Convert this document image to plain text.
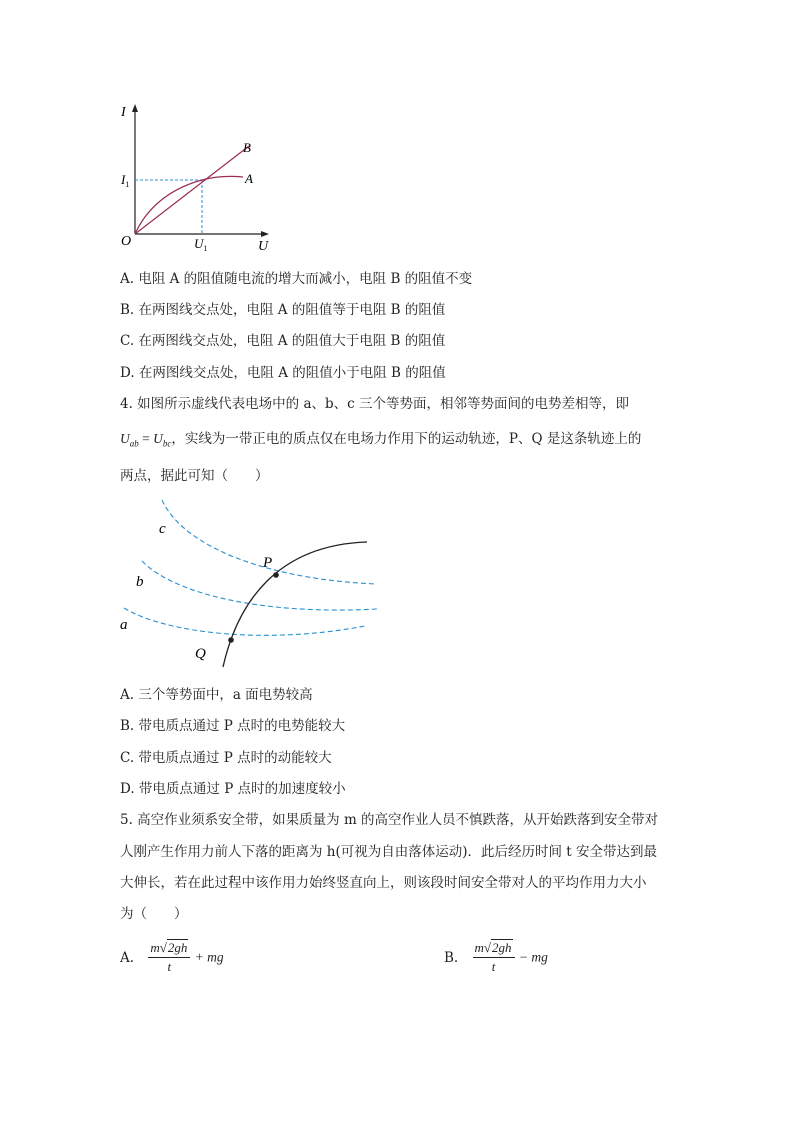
I
$I_1$
O	U
$U_1$
B
A
A. 电阻 A 的阻值随电流的增大而减小，电阻 B 的阻值不变
B. 在两图线交点处，电阻 A 的阻值等于电阻 B 的阻值
C. 在两图线交点处，电阻 A 的阻值大于电阻 B 的阻值
D. 在两图线交点处，电阻 A 的阻值小于电阻 B 的阻值
4. 如图所示虚线代表电场中的 a、b、c 三个等势面，相邻等势面间的电势差相等，即
$U_{ab} = U_{bc}$，实线为一带正电的质点仅在电场力作用下的运动轨迹，P、Q 是这条轨迹上的
两点，据此可知（　　）
c
b
a
P
Q
A. 三个等势面中，a 面电势较高
B. 带电质点通过 P 点时的电势能较大
C. 带电质点通过 P 点时的动能较大
D. 带电质点通过 P 点时的加速度较小
5. 高空作业须系安全带，如果质量为 m 的高空作业人员不慎跌落，从开始跌落到安全带对
人刚产生作用力前人下落的距离为 h(可视为自由落体运动)．此后经历时间 t 安全带达到最
大伸长，若在此过程中该作用力始终竖直向上，则该段时间安全带对人的平均作用力大小
为（　　）
A. $\frac{m√2gh}{t}$ + mg	B. $\frac{m√2gh}{t}$ − mg
